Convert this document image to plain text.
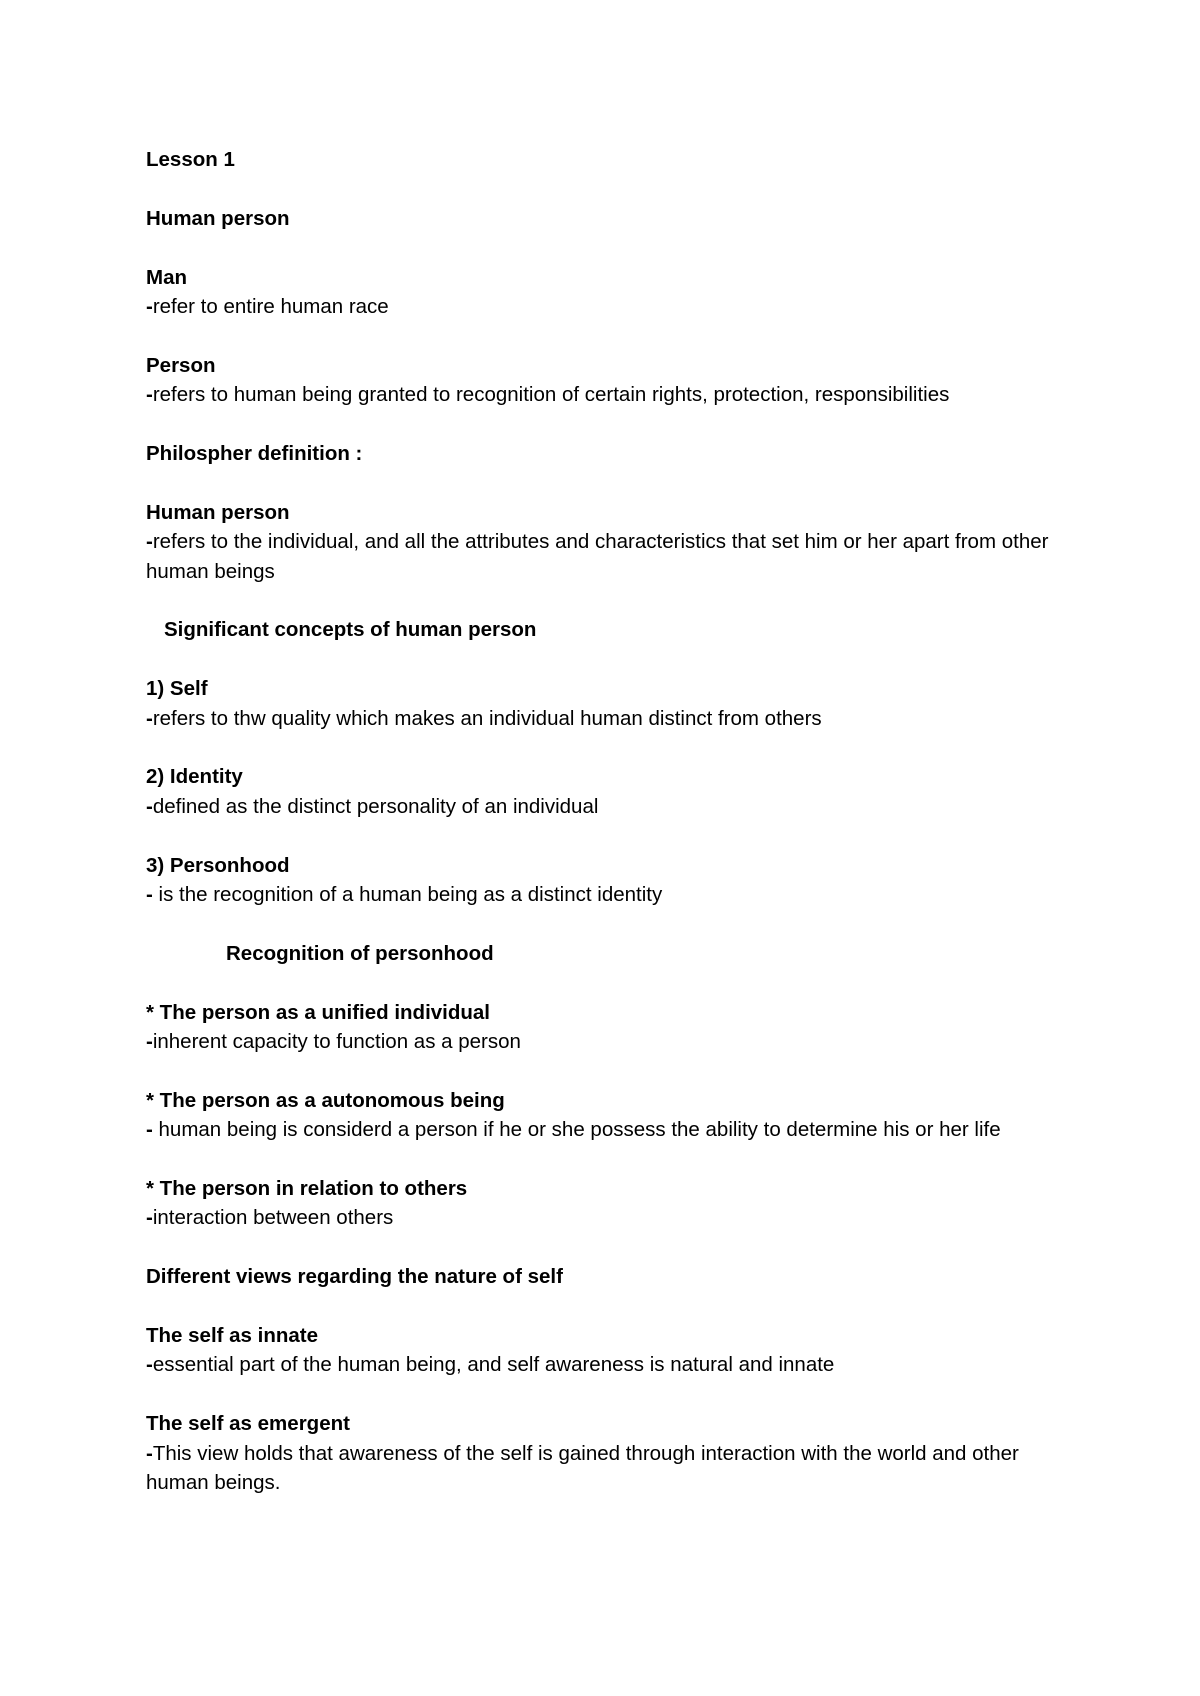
Lesson 1
Human person
Man
-refer to entire human race
Person
-refers to human being granted to recognition of certain rights, protection, responsibilities
Philospher definition :
Human person
-refers to the individual, and all the attributes and characteristics that set him or her apart from other human beings
Significant concepts of human person
1) Self
-refers to thw quality which makes an individual human distinct from others
2) Identity
-defined as the distinct personality of an individual
3) Personhood
- is the recognition of a human being as a distinct identity
Recognition of personhood
* The person as a unified individual
-inherent capacity to function as a person
* The person as a autonomous being
- human being is considerd a person if he or she possess the ability to determine his or her life
* The person in relation to others
-interaction between others
Different views regarding the nature of self
The self as innate
-essential part of the human being, and self awareness is natural and innate
The self as emergent
-This view holds that awareness of the self is gained through interaction with the world and other human beings.
